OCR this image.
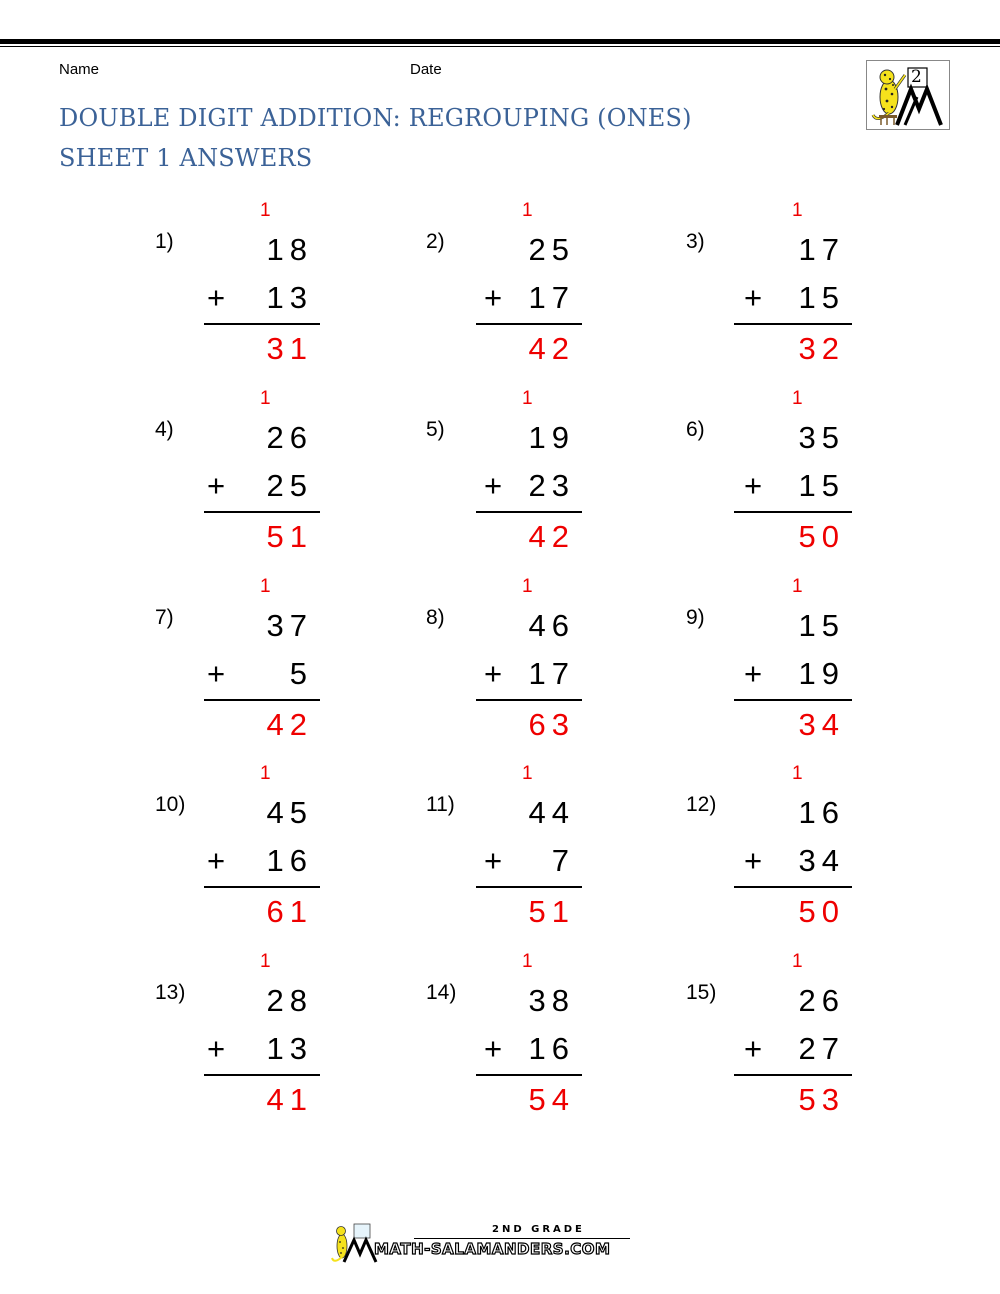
Name	Date
DOUBLE DIGIT ADDITION: REGROUPING (ONES)
SHEET 1 ANSWERS
2
1)
1
18
+	13
31
2)
1
25
+ 17
42
3)
1
17
+	15
32
4)
1
26
+	25
51
5)
1
19
+ 23
42
6)
1
35
+	15
50
7)
1
37
+	5
42
8)
1
46
+ 17
63
9)
1
15
+	19
34
10)
1
45
+	16
61
11)
1
44
+	7
51
12)
1
16
+	34
50
13)
1
28
+	13
41
14)
1
38
+ 16
54
15)
1
26
+	27
53
2ND GRADE
MATH-SALAMANDERS.COM
